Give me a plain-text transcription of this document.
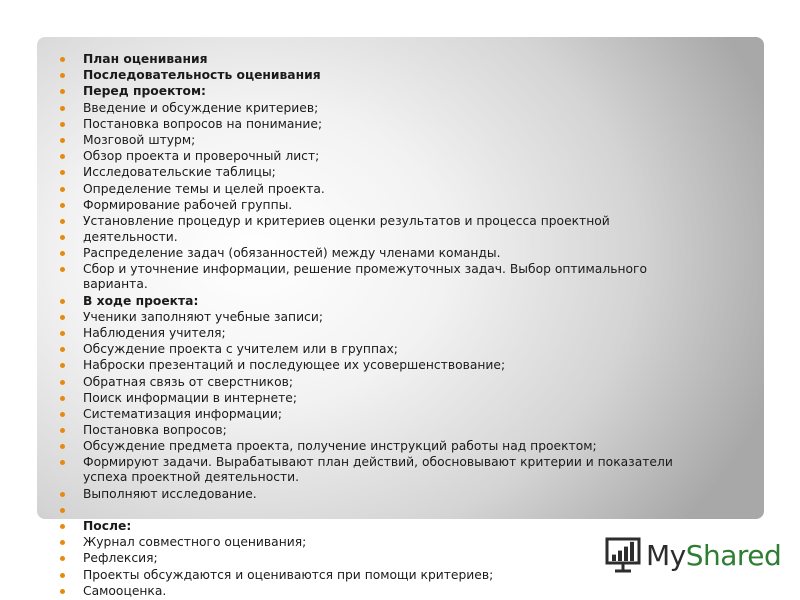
План оценивания
Последовательность оценивания
Перед проектом:
Введение и обсуждение критериев;
Постановка вопросов на понимание;
Мозговой штурм;
Обзор проекта и проверочный лист;
Исследовательские таблицы;
Определение темы и целей проекта.
Формирование рабочей группы.
Установление процедур и критериев оценки результатов и процесса проектной
деятельности.
Распределение задач (обязанностей) между членами команды.
Сбор и уточнение информации, решение промежуточных задач. Выбор оптимального
варианта.
В ходе проекта:
Ученики заполняют учебные записи;
Наблюдения учителя;
Обсуждение проекта с учителем или в группах;
Наброски презентаций и последующее их усовершенствование;
Обратная связь от сверстников;
Поиск информации в интернете;
Систематизация информации;
Постановка вопросов;
Обсуждение предмета проекта, получение инструкций работы над проектом;
Формируют задачи. Вырабатывают план действий, обосновывают критерии и показатели
успеха проектной деятельности.
Выполняют исследование.
После:
Журнал совместного оценивания;
Рефлексия;
Проекты обсуждаются и оцениваются при помощи критериев;
Самооценка.
MyShared
